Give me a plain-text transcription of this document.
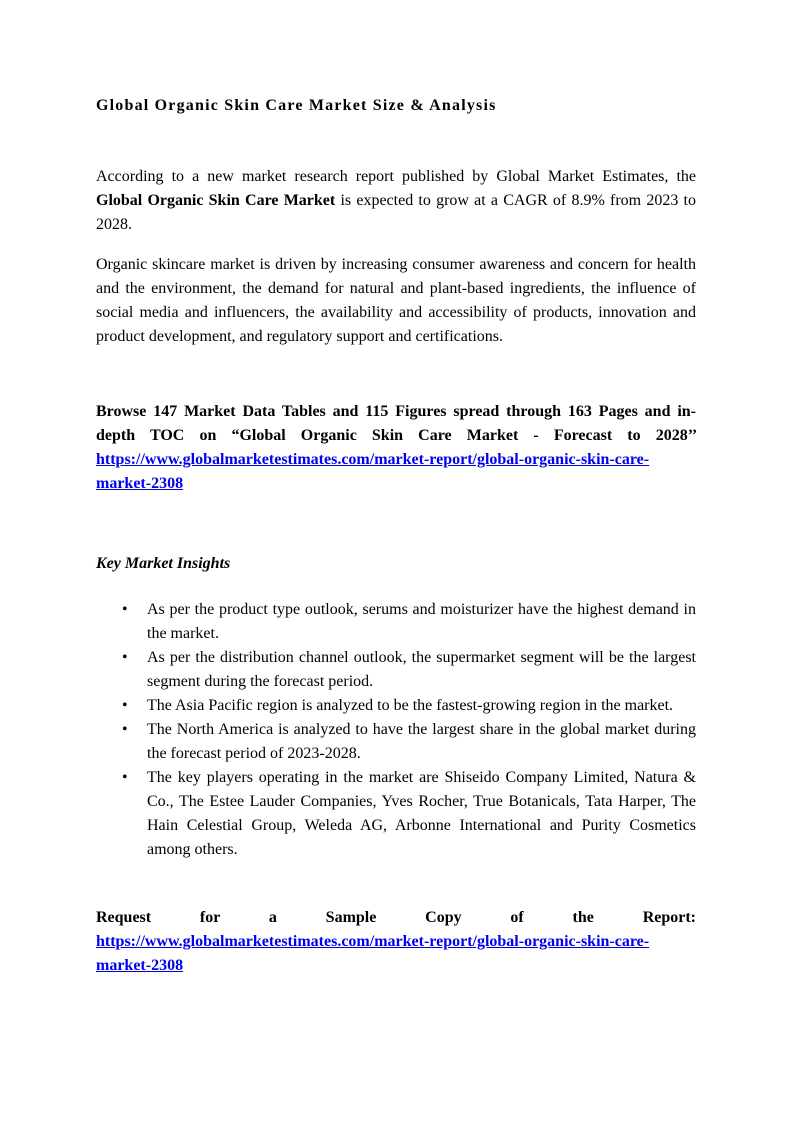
Global Organic Skin Care Market Size & Analysis

According to a new market research report published by Global Market Estimates, the Global Organic Skin Care Market is expected to grow at a CAGR of 8.9% from 2023 to 2028.

Organic skincare market is driven by increasing consumer awareness and concern for health and the environment, the demand for natural and plant-based ingredients, the influence of social media and influencers, the availability and accessibility of products, innovation and product development, and regulatory support and certifications.

Browse 147 Market Data Tables and 115 Figures spread through 163 Pages and in-depth TOC on “Global Organic Skin Care Market - Forecast to 2028’’ https://www.globalmarketestimates.com/market-report/global-organic-skin-care-market-2308

Key Market Insights

• As per the product type outlook, serums and moisturizer have the highest demand in the market.
• As per the distribution channel outlook, the supermarket segment will be the largest segment during the forecast period.
• The Asia Pacific region is analyzed to be the fastest-growing region in the market.
• The North America is analyzed to have the largest share in the global market during the forecast period of 2023-2028.
• The key players operating in the market are Shiseido Company Limited, Natura & Co., The Estee Lauder Companies, Yves Rocher, True Botanicals, Tata Harper, The Hain Celestial Group, Weleda AG, Arbonne International and Purity Cosmetics among others.

Request for a Sample Copy of the Report: https://www.globalmarketestimates.com/market-report/global-organic-skin-care-market-2308
